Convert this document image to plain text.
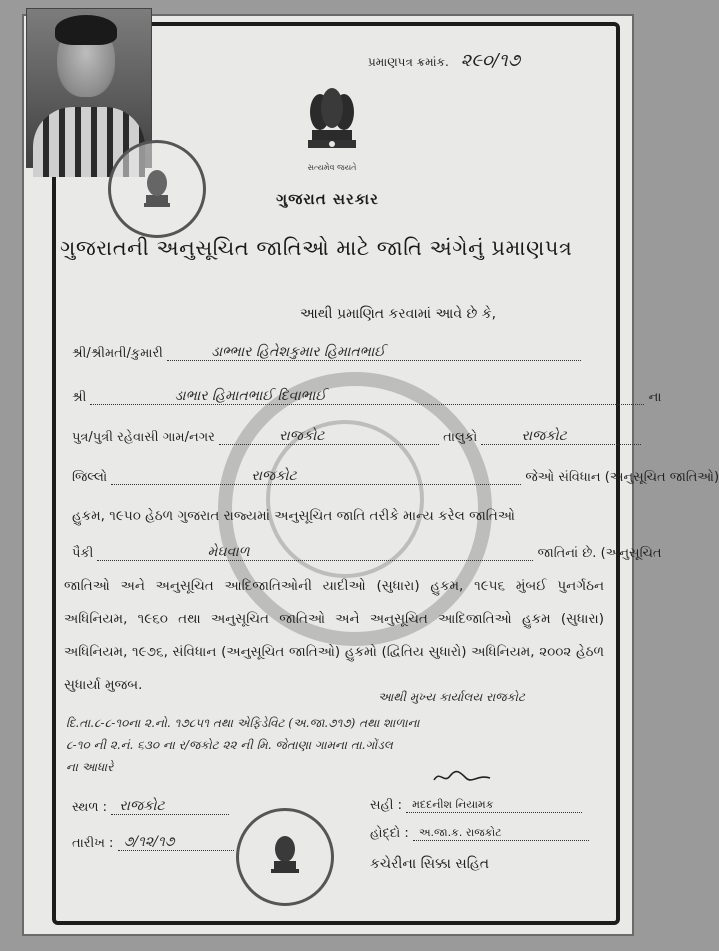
પ્રમાણપત્ર ક્રમાંક. ૨૯૦/૧૭
સત્યમેવ જયતે
ગુજરાત સરકાર
ગુજરાતની અનુસૂચિત જાતિઓ માટે જાતિ અંગેનું પ્રમાણપત્ર
આથી પ્રમાણિત કરવામાં આવે છે કે,
શ્રી/શ્રીમતી/કુમારી	ડાભ્ભાર હિતેશકુમાર હિમાતભાઈ
શ્રી	ડાભાર હિમાતભાઈ દિવાભાઈ	ના
પુત્ર/પુત્રી રહેવાસી ગામ/નગર	રાજકોટ	તાલુકો	રાજકોટ
જિલ્લો	રાજકોટ	જેઓ સંવિધાન (અનુસૂચિત જાતિઓ)
હુકમ, ૧૯૫૦ હેઠળ ગુજરાત રાજ્યમાં અનુસૂચિત જાતિ તરીકે માન્ય કરેલ જાતિઓ
પૈકી	મેઘવાળ	જાતિનાં છે. (અનુસૂચિત
જાતિઓ અને અનુસૂચિત આદિજાતિઓની યાદીઓ (સુધારા) હુકમ, ૧૯૫૬ મુંબઈ પુનર્ગઠન અધિનિયમ, ૧૯૬૦ તથા અનુસૂચિત જાતિઓ અને અનુસૂચિત આદિજાતિઓ હુકમ (સુધારા) અધિનિયમ, ૧૯૭૬, સંવિધાન (અનુસૂચિત જાતિઓ) હુકમો (દ્વિતિય સુધારો) અધિનિયમ, ૨૦૦૨ હેઠળ સુધાર્યા મુજબ.
આથી મુખ્ય કાર્યાલય રાજકોટ
દિ.તા.૮-૮-૧૦ના ૨.નો. ૧૭૮૫૧ તથા એફિડેવિટ (અ.જા.૭૧૭) તથા શાળાના
૮-૧૦ ની ૨.નં. ૬૩૦ ના ર/જકોટ ૨૨ ની મિ. જેતાણા ગામના તા.ગોંડલ
ના આધારે
સ્થળ : રાજકોટ
તારીખ : ૭/૧૨/૧૭
સહી : મદદનીશ નિયામક
હોદ્દો : અ.જા.ક. રાજકોટ
કચેરીના સિક્કા સહિત
